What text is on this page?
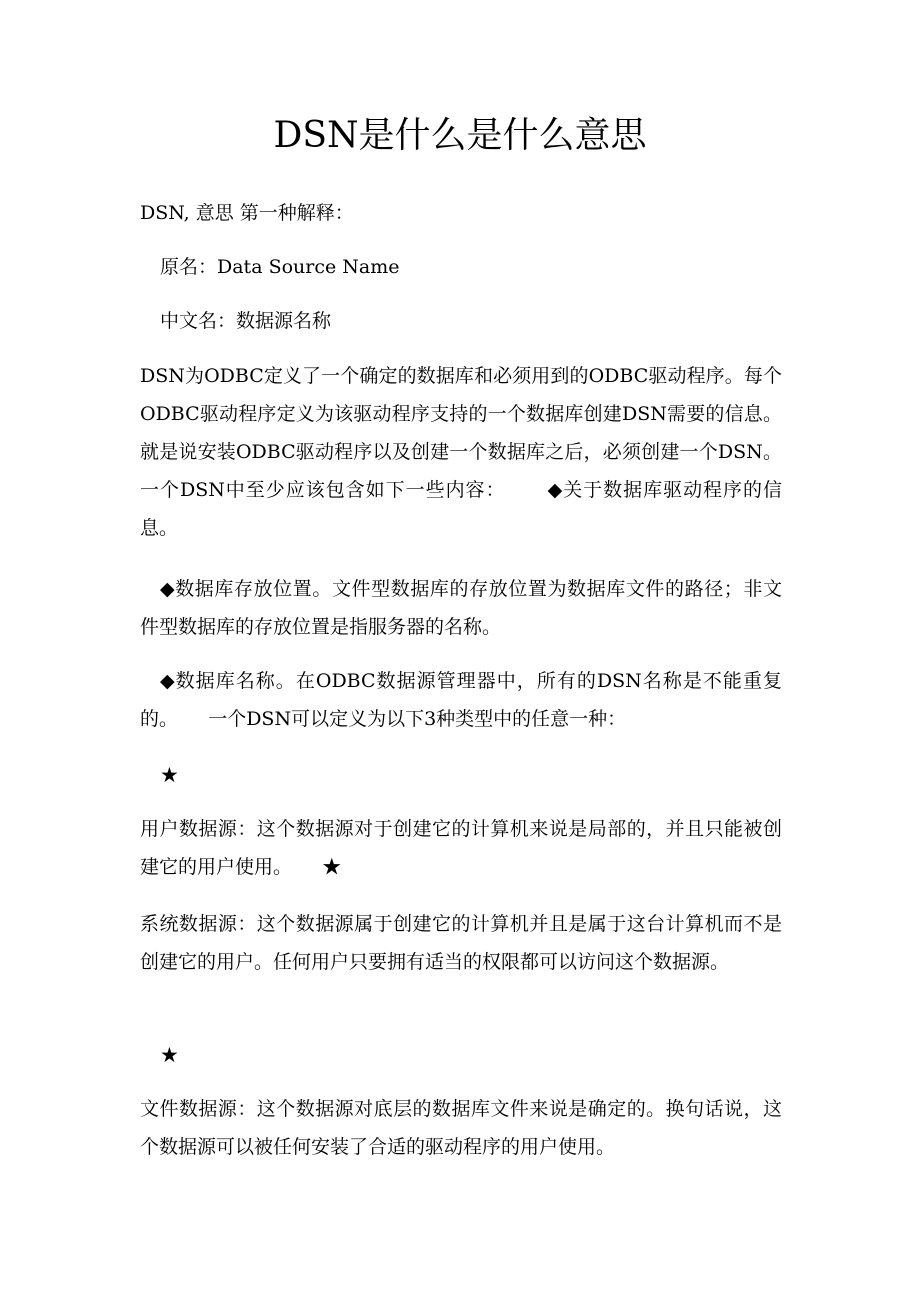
DSN是什么是什么意思

DSN, 意思 第一种解释：

原名：Data Source Name

中文名：数据源名称

DSN为ODBC定义了一个确定的数据库和必须用到的ODBC驱动程序。每个ODBC驱动程序定义为该驱动程序支持的一个数据库创建DSN需要的信息。就是说安装ODBC驱动程序以及创建一个数据库之后，必须创建一个DSN。      一个DSN中至少应该包含如下一些内容：      ◆关于数据库驱动程序的信息。

◆数据库存放位置。文件型数据库的存放位置为数据库文件的路径；非文件型数据库的存放位置是指服务器的名称。

◆数据库名称。在ODBC数据源管理器中，所有的DSN名称是不能重复的。     一个DSN可以定义为以下3种类型中的任意一种：

★

用户数据源：这个数据源对于创建它的计算机来说是局部的，并且只能被创建它的用户使用。     ★

系统数据源：这个数据源属于创建它的计算机并且是属于这台计算机而不是创建它的用户。任何用户只要拥有适当的权限都可以访问这个数据源。

★

文件数据源：这个数据源对底层的数据库文件来说是确定的。换句话说，这个数据源可以被任何安装了合适的驱动程序的用户使用。
